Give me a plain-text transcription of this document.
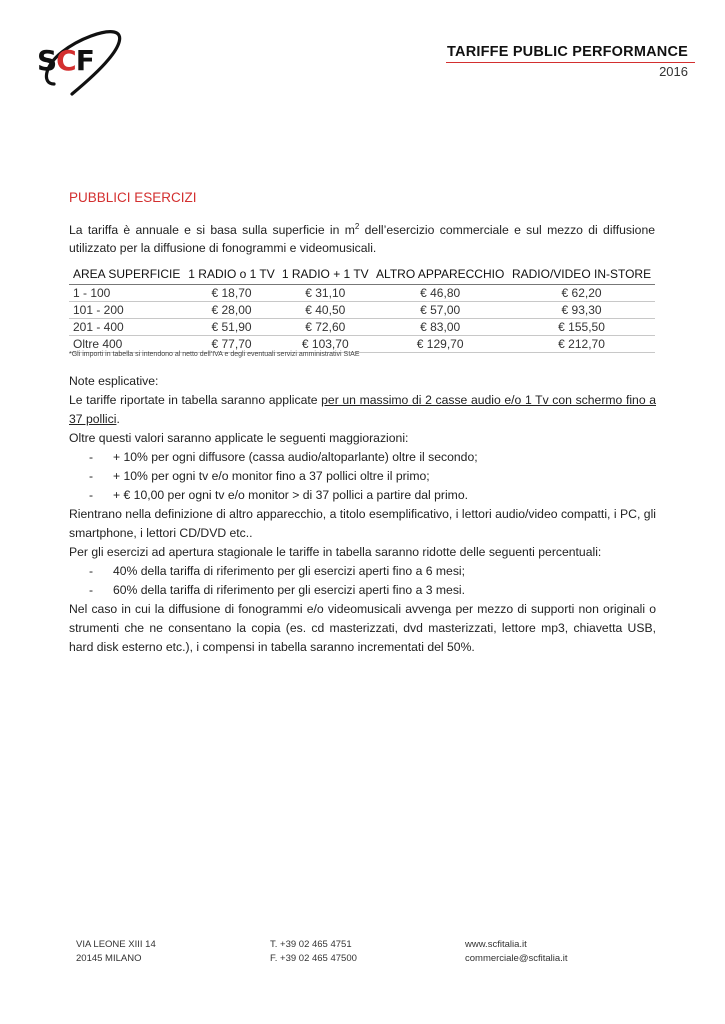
SCF	TARIFFE PUBLIC PERFORMANCE
2016
PUBBLICI ESERCIZI
La tariffa è annuale e si basa sulla superficie in $m^2$ dell’esercizio commerciale e sul mezzo di diffusione utilizzato per la diffusione di fonogrammi e videomusicali.
AREA SUPERFICIE	1 RADIO o 1 TV	1 RADIO + 1 TV	ALTRO APPARECCHIO	RADIO/VIDEO IN-STORE
1 - 100	€ 18,70	€ 31,10	€ 46,80	€ 62,20
101 - 200	€ 28,00	€ 40,50	€ 57,00	€ 93,30
201 - 400	€ 51,90	€ 72,60	€ 83,00	€ 155,50
Oltre 400	€ 77,70	€ 103,70	€ 129,70	€ 212,70
*Gli importi in tabella si intendono al netto dell’IVA e degli eventuali servizi amministrativi SIAE

Note esplicative:

Le tariffe riportate in tabella saranno applicate per un massimo di 2 casse audio e/o 1 Tv con schermo fino a 37 pollici.

Oltre questi valori saranno applicate le seguenti maggiorazioni:

-	+ 10% per ogni diffusore (cassa audio/altoparlante) oltre il secondo;
-	+ 10% per ogni tv e/o monitor fino a 37 pollici oltre il primo;
-	+ € 10,00 per ogni tv e/o monitor > di 37 pollici a partire dal primo.

Rientrano nella definizione di altro apparecchio, a titolo esemplificativo, i lettori audio/video compatti, i PC, gli smartphone, i lettori CD/DVD etc..

Per gli esercizi ad apertura stagionale le tariffe in tabella saranno ridotte delle seguenti percentuali:

-	40% della tariffa di riferimento per gli esercizi aperti fino a 6 mesi;
-	60% della tariffa di riferimento per gli esercizi aperti fino a 3 mesi.

Nel caso in cui la diffusione di fonogrammi e/o videomusicali avvenga per mezzo di supporti non originali o strumenti che ne consentano la copia (es. cd masterizzati, dvd masterizzati, lettore mp3, chiavetta USB, hard disk esterno etc.), i compensi in tabella saranno incrementati del 50%.

VIA LEONE XIII 14
20145 MILANO
T. +39 02 465 4751
F. +39 02 465 47500
www.scfitalia.it
commerciale@scfitalia.it
